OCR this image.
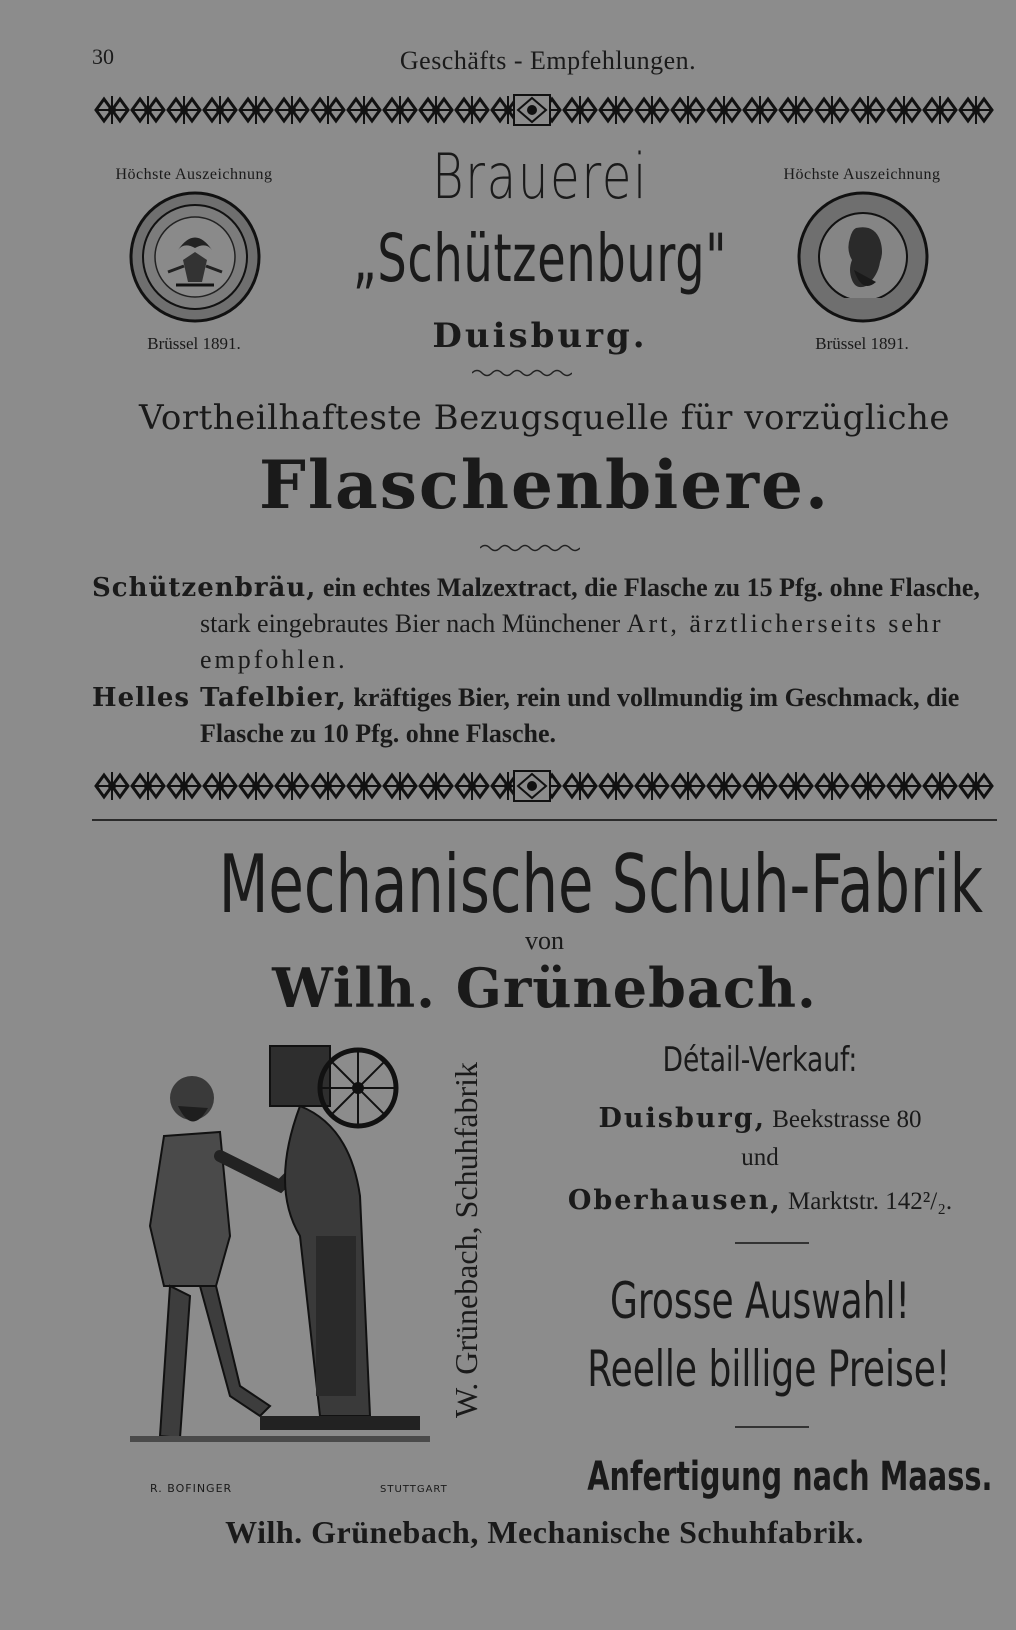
30	Geschäfts - Empfehlungen.
Höchste Auszeichnung
Brüssel 1891.
Brauerei
„Schützenburg"
Duisburg.
Höchste Auszeichnung
Brüssel 1891.
Vortheilhafteste Bezugsquelle für vorzügliche
Flaschenbiere.
Schützenbräu, ein echtes Malzextract, die Flasche zu 15 Pfg. ohne Flasche, stark eingebrautes Bier nach Münchener Art, ärztlicherseits sehr empfohlen.
Helles Tafelbier, kräftiges Bier, rein und vollmundig im Geschmack, die Flasche zu 10 Pfg. ohne Flasche.
Mechanische Schuh-Fabrik
von
Wilh. Grünebach.
R. BOFINGER	STUTTGART
W. Grünebach, Schuhfabrik
Détail-Verkauf:
Duisburg, Beekstrasse 80
und
Oberhausen, Marktstr. 142²/₂.
Grosse Auswahl!
Reelle billige Preise!
Anfertigung nach Maass.
Wilh. Grünebach, Mechanische Schuhfabrik.
